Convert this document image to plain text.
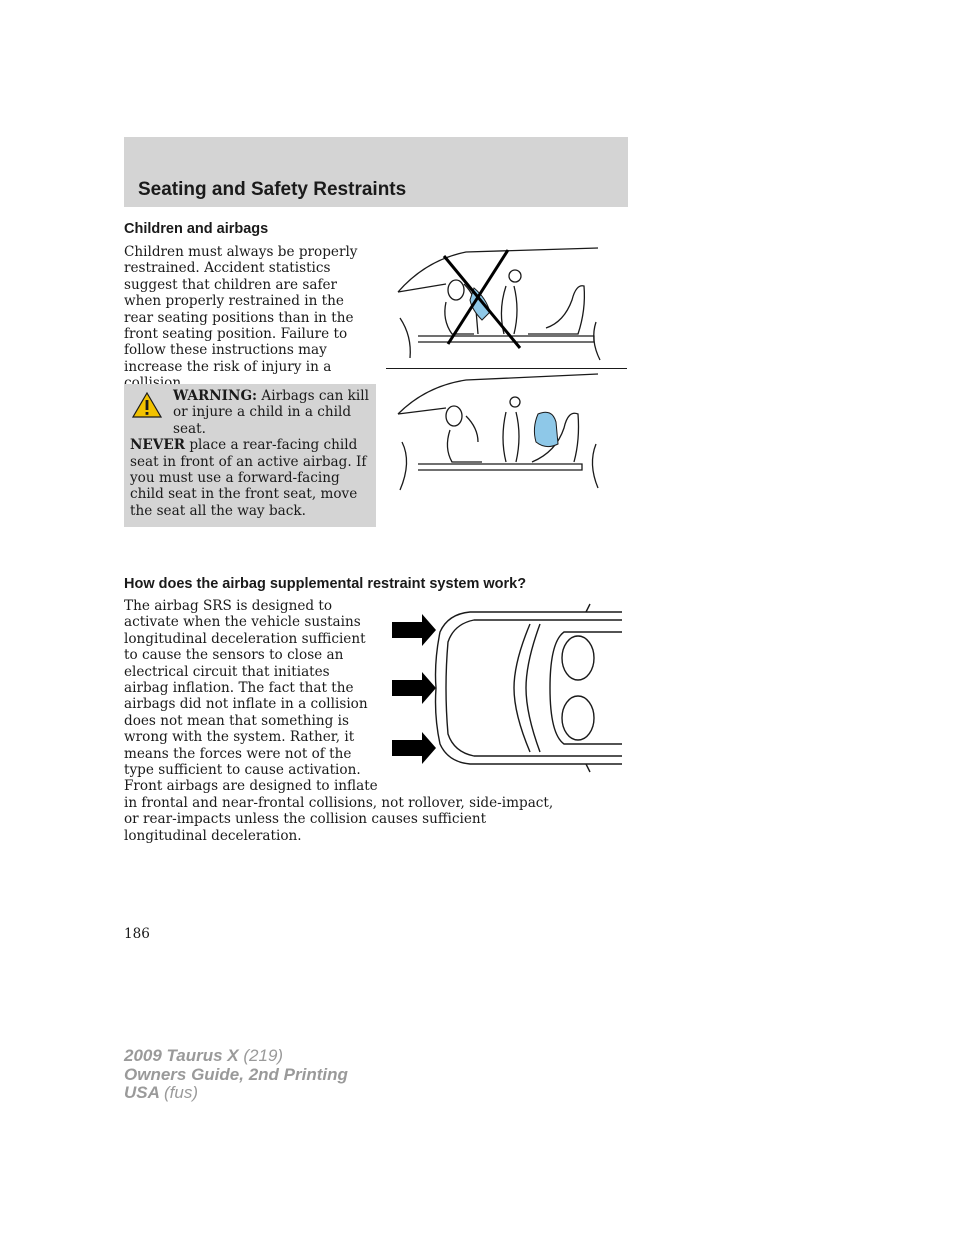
Seating and Safety Restraints
Children and airbags
Children must always be properly restrained. Accident statistics suggest that children are safer when properly restrained in the rear seating positions than in the front seating position. Failure to follow these instructions may increase the risk of injury in a
WARNING: Airbags can kill or injure a child in a child seat.
NEVER place a rear-facing child seat in front of an active airbag. If you must use a forward-facing child seat in the front seat, move the seat all the way back.
How does the airbag supplemental restraint system work?
The airbag SRS is designed to activate when the vehicle sustains longitudinal deceleration sufficient to cause the sensors to close an electrical circuit that initiates airbag inflation. The fact that the airbags did not inflate in a collision does not mean that something is wrong with the system. Rather, it means the forces were not of the type sufficient to cause activation. Front airbags are designed to inflate in frontal and near-frontal collisions, not rollover, side-impact, or rear-impacts unless the collision causes sufficient longitudinal deceleration.
186
2009 Taurus X (219)
Owners Guide, 2nd Printing
USA (fus)
